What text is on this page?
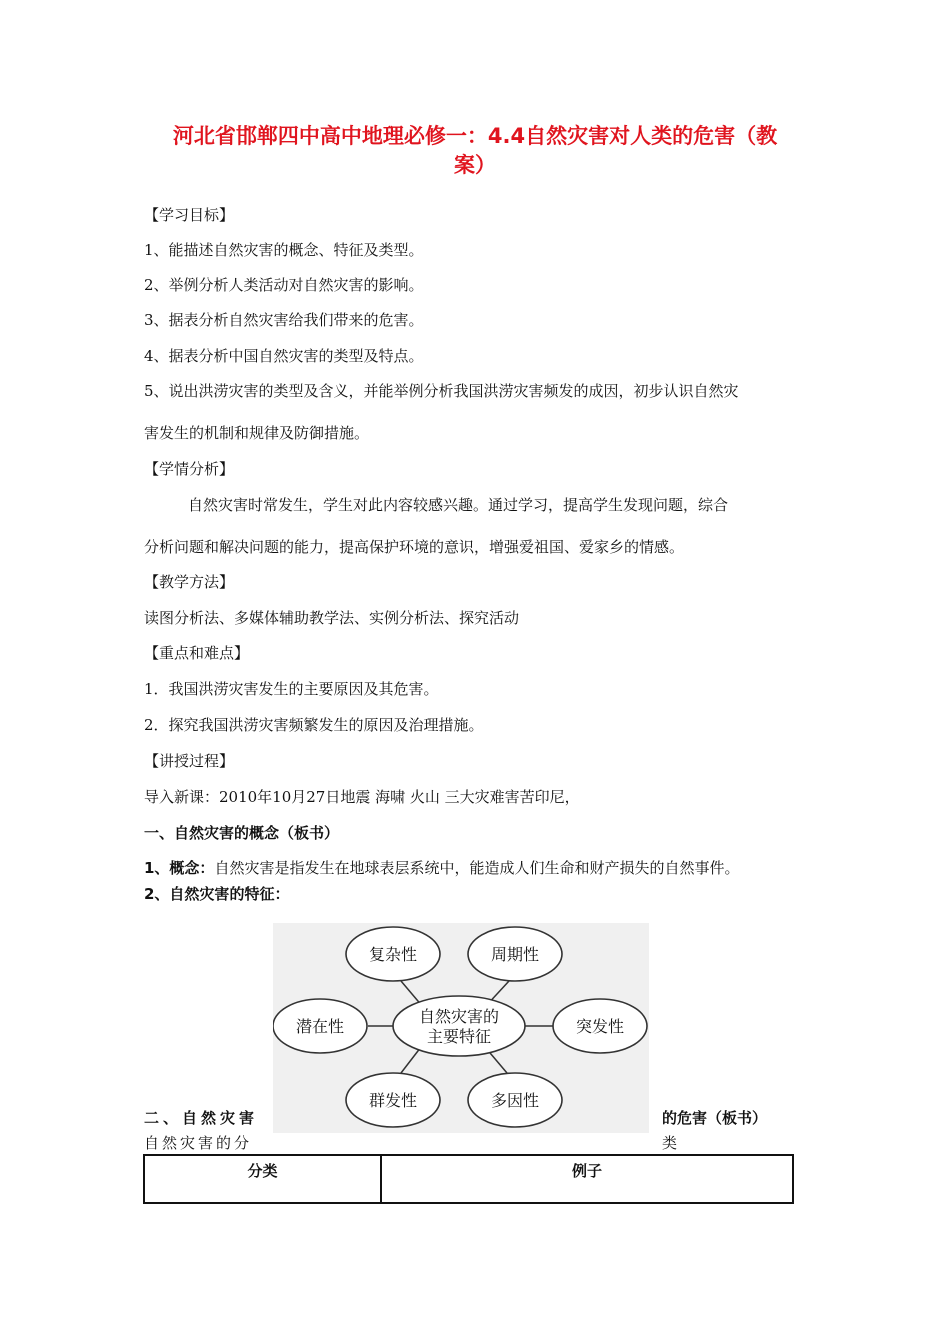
河北省邯郸四中高中地理必修一：4.4自然灾害对人类的危害（教
案）
【学习目标】
1、能描述自然灾害的概念、特征及类型。
2、举例分析人类活动对自然灾害的影响。
3、据表分析自然灾害给我们带来的危害。
4、据表分析中国自然灾害的类型及特点。
5、说出洪涝灾害的类型及含义，并能举例分析我国洪涝灾害频发的成因，初步认识自然灾
害发生的机制和规律及防御措施。
【学情分析】
自然灾害时常发生，学生对此内容较感兴趣。通过学习，提高学生发现问题，综合
分析问题和解决问题的能力，提高保护环境的意识，增强爱祖国、爱家乡的情感。
【教学方法】
读图分析法、多媒体辅助教学法、实例分析法、探究活动
【重点和难点】
1．我国洪涝灾害发生的主要原因及其危害。
2．探究我国洪涝灾害频繁发生的原因及治理措施。
【讲授过程】
导入新课：2010年10月27日地震 海啸 火山 三大灾难害苦印尼，
一、自然灾害的概念（板书）
1、概念：自然灾害是指发生在地球表层系统中，能造成人们生命和财产损失的自然事件。
2、自然灾害的特征：
复杂性	周期性
潜在性	突发性
群发性	多因性
自然灾害的
主要特征
二、自然灾害	的危害（板书）
自然灾害的分	类
分类	例子
